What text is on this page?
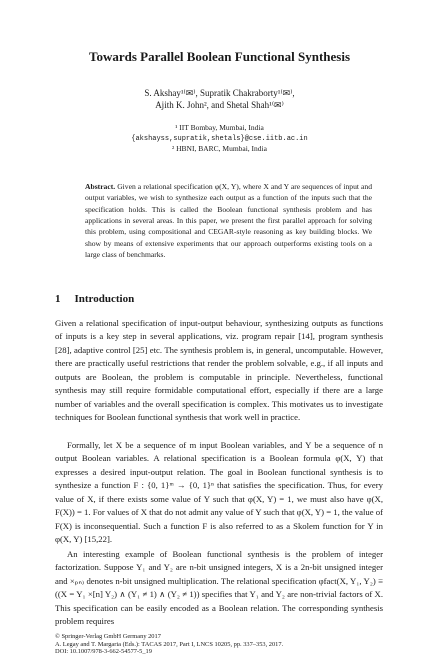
Towards Parallel Boolean Functional Synthesis
S. Akshay¹⁽✉⁾, Supratik Chakraborty¹⁽✉⁾,
Ajith K. John², and Shetal Shah¹⁽✉⁾
¹ IIT Bombay, Mumbai, India
{akshayss,supratik,shetals}@cse.iitb.ac.in
² HBNI, BARC, Mumbai, India
Abstract. Given a relational specification φ(X, Y), where X and Y are sequences of input and output variables, we wish to synthesize each output as a function of the inputs such that the specification holds. This is called the Boolean functional synthesis problem and has applications in several areas. In this paper, we present the first parallel approach for solving this problem, using compositional and CEGAR-style reasoning as key building blocks. We show by means of extensive experiments that our approach outperforms existing tools on a large class of benchmarks.
1 Introduction
Given a relational specification of input-output behaviour, synthesizing outputs as functions of inputs is a key step in several applications, viz. program repair [14], program synthesis [28], adaptive control [25] etc. The synthesis problem is, in general, uncomputable. However, there are practically useful restrictions that render the problem solvable, e.g., if all inputs and outputs are Boolean, the problem is computable in principle. Nevertheless, functional synthesis may still require formidable computational effort, especially if there are a large number of variables and the overall specification is complex. This motivates us to investigate techniques for Boolean functional synthesis that work well in practice.
Formally, let X be a sequence of m input Boolean variables, and Y be a sequence of n output Boolean variables. A relational specification is a Boolean formula φ(X, Y) that expresses a desired input-output relation. The goal in Boolean functional synthesis is to synthesize a function F : {0, 1}ᵐ → {0, 1}ⁿ that satisfies the specification. Thus, for every value of X, if there exists some value of Y such that φ(X, Y) = 1, we must also have φ(X, F(X)) = 1. For values of X that do not admit any value of Y such that φ(X, Y) = 1, the value of F(X) is inconsequential. Such a function F is also referred to as a Skolem function for Y in φ(X, Y) [15,22].
An interesting example of Boolean functional synthesis is the problem of integer factorization. Suppose Y₁ and Y₂ are n-bit unsigned integers, X is a 2n-bit unsigned integer and ×ₚₙ₎ denotes n-bit unsigned multiplication. The relational specification φfact(X, Y₁, Y₂) ≡ ((X = Y₁ ×[n] Y₂) ∧ (Y₁ ≠ 1) ∧ (Y₂ ≠ 1)) specifies that Y₁ and Y₂ are non-trivial factors of X. This specification can be easily encoded as a Boolean relation. The corresponding synthesis problem requires
© Springer-Verlag GmbH Germany 2017
A. Legay and T. Margaria (Eds.): TACAS 2017, Part I, LNCS 10205, pp. 337–353, 2017.
DOI: 10.1007/978-3-662-54577-5_19
